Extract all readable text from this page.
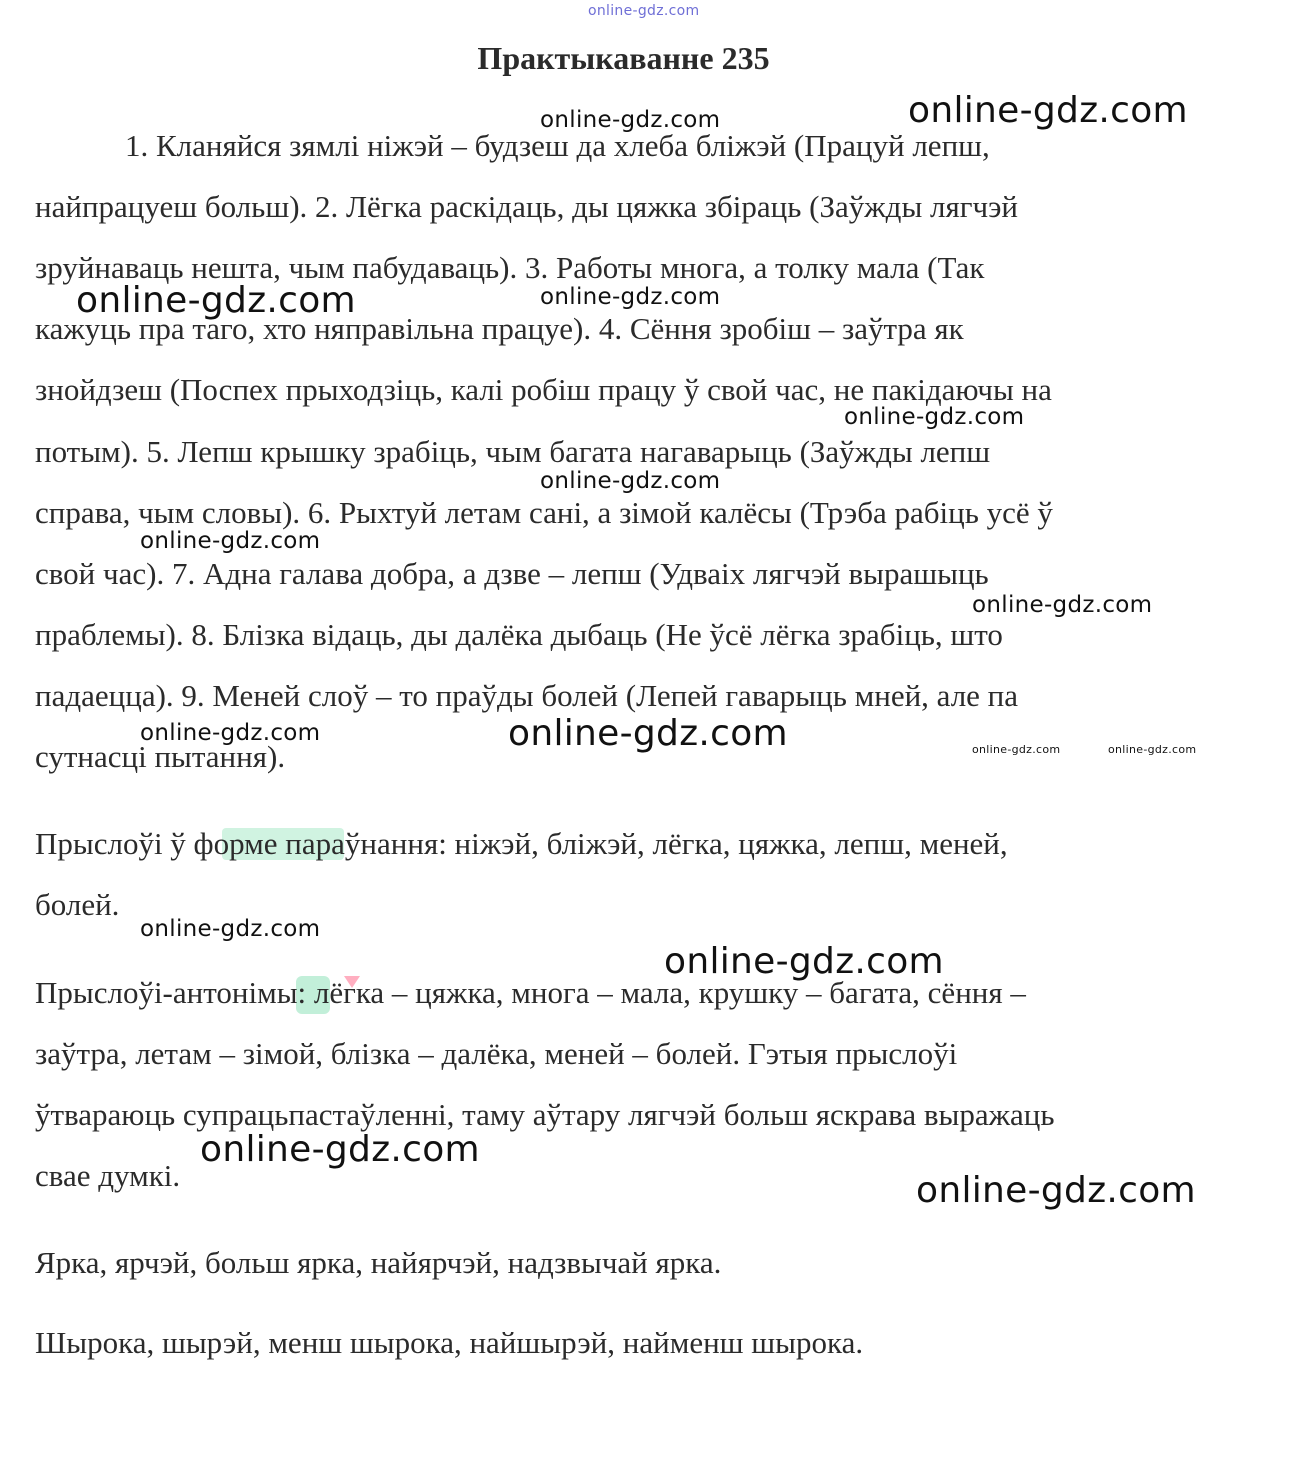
Практыкаванне 235
1. Кланяйся зямлі ніжэй – будзеш да хлеба бліжэй (Працуй лепш,
найпрацуеш больш). 2. Лёгка раскідаць, ды цяжка збіраць (Заўжды лягчэй
зруйнаваць нешта, чым пабудаваць). 3. Работы многа, а толку мала (Так
кажуць пра таго, хто няправільна працуе). 4. Сёння зробіш – заўтра як
знойдзеш (Поспех прыходзіць, калі робіш працу ў свой час, не пакідаючы на
потым). 5. Лепш крышку зрабіць, чым багата нагаварыць (Заўжды лепш
справа, чым словы). 6. Рыхтуй летам сані, а зімой калёсы (Трэба рабіць усё ў
свой час). 7. Адна галава добра, а дзве – лепш (Удваіх лягчэй вырашыць
праблемы). 8. Блізка відаць, ды далёка дыбаць (Не ўсё лёгка зрабіць, што
падаецца). 9. Меней слоў – то праўды болей (Лепей гаварыць мней, але па
сутнасці пытання).
Прыслоўі ў форме параўнання: ніжэй, бліжэй, лёгка, цяжка, лепш, меней,
болей.
Прыслоўі-антонімы: лёгка – цяжка, многа – мала, крушку – багата, сёння –
заўтра, летам – зімой, блізка – далёка, меней – болей. Гэтыя прыслоўі
ўтвараюць супрацьпастаўленні, таму аўтару лягчэй больш яскрава выражаць
свае думкі.
Ярка, ярчэй, больш ярка, найярчэй, надзвычай ярка.
Шырока, шырэй, менш шырока, найшырэй, найменш шырока.
online-gdz.com
online-gdz.com
online-gdz.com
online-gdz.com	online-gdz.com
online-gdz.com
online-gdz.com
online-gdz.com
online-gdz.com
online-gdz.com	online-gdz.com	online-gdz.com	online-gdz.com
online-gdz.com
online-gdz.com
online-gdz.com
online-gdz.com
